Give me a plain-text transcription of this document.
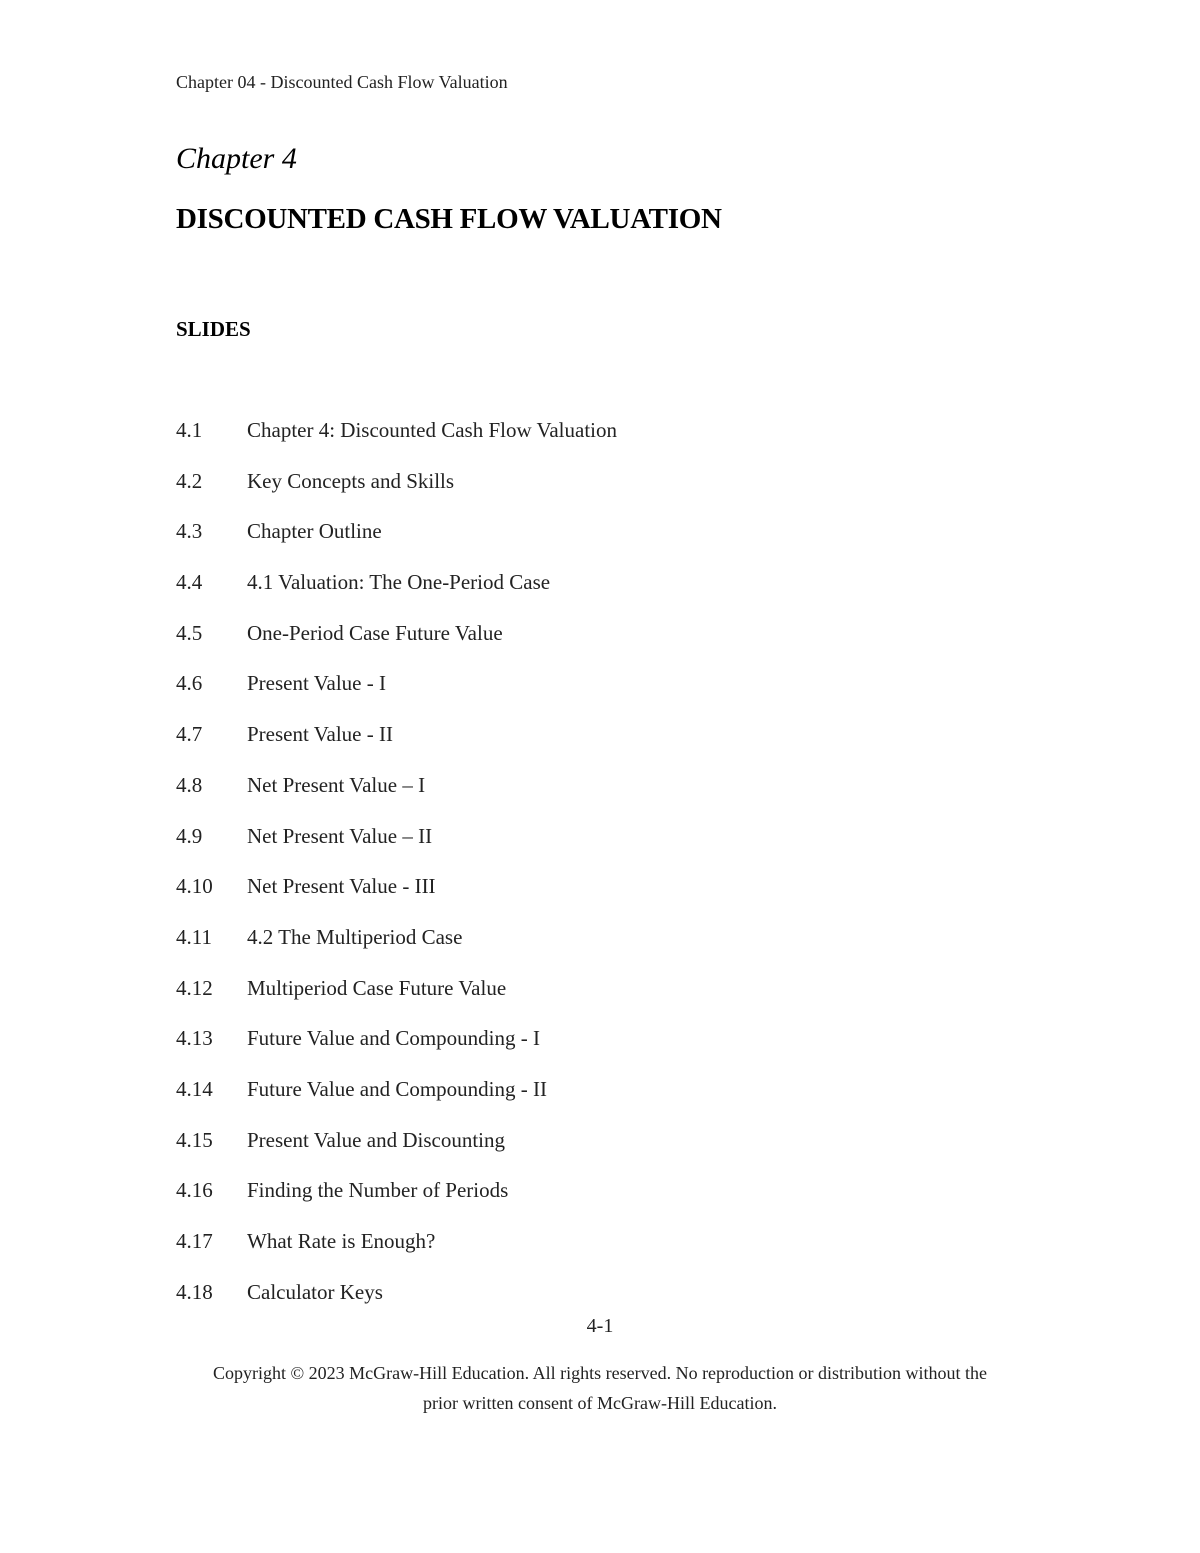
Chapter 04 - Discounted Cash Flow Valuation
Chapter 4
DISCOUNTED CASH FLOW VALUATION
SLIDES
4.1	Chapter 4: Discounted Cash Flow Valuation
4.2	Key Concepts and Skills
4.3	Chapter Outline
4.4	4.1 Valuation: The One-Period Case
4.5	One-Period Case Future Value
4.6	Present Value - I
4.7	Present Value - II
4.8	Net Present Value – I
4.9	Net Present Value – II
4.10	Net Present Value - III
4.11	4.2 The Multiperiod Case
4.12	Multiperiod Case Future Value
4.13	Future Value and Compounding - I
4.14	Future Value and Compounding - II
4.15	Present Value and Discounting
4.16	Finding the Number of Periods
4.17	What Rate is Enough?
4.18	Calculator Keys
4-1
Copyright © 2023 McGraw-Hill Education. All rights reserved. No reproduction or distribution without the
prior written consent of McGraw-Hill Education.
